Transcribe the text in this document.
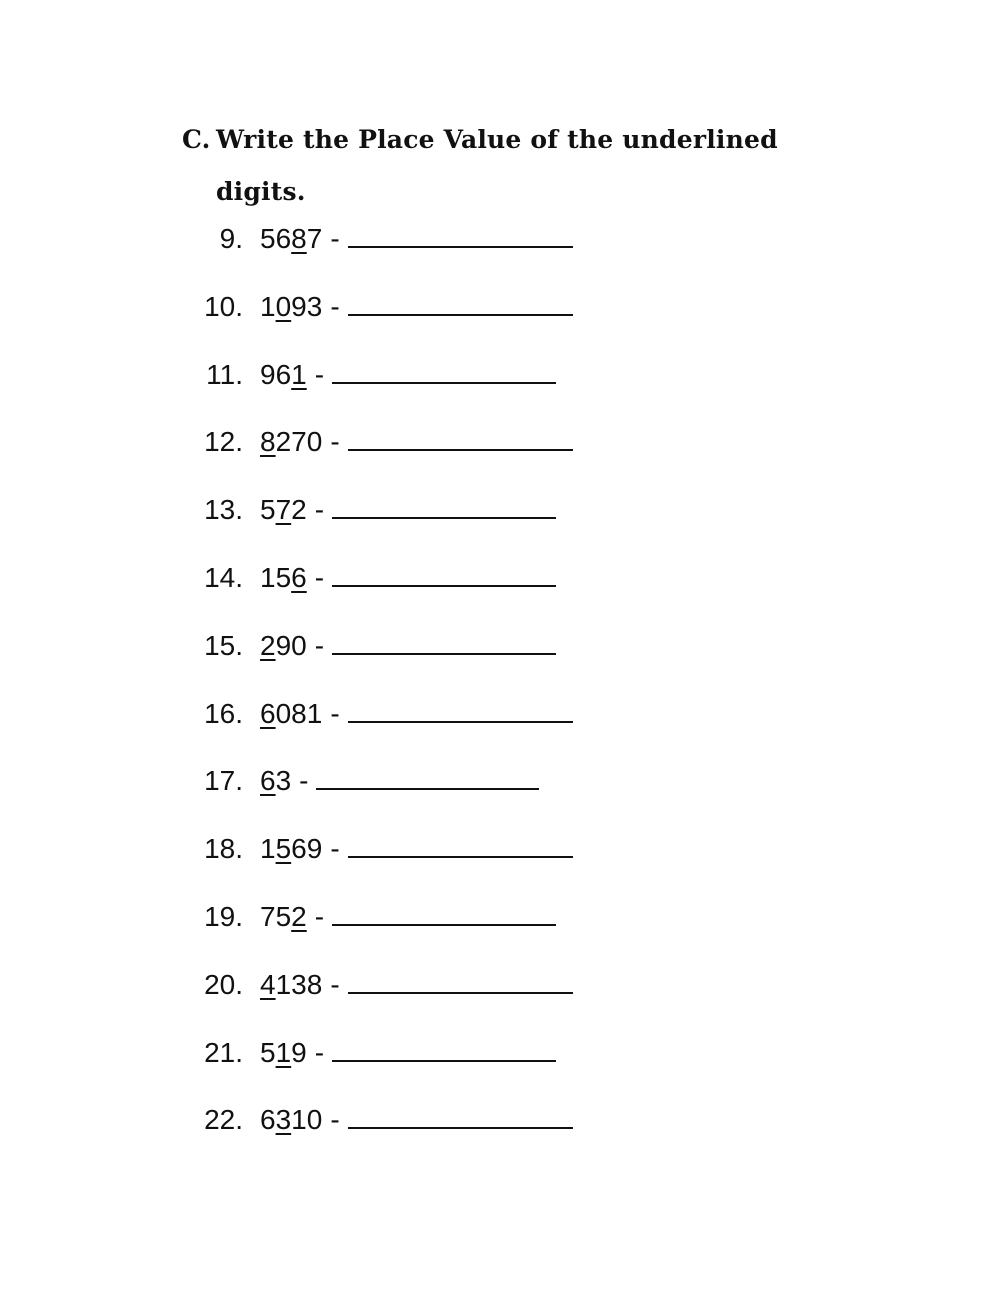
C. Write the Place Value of the underlined
digits.
9. 5687 -
10. 1093 -
11. 961 -
12. 8270 -
13. 572 -
14. 156 -
15. 290 -
16. 6081 -
17. 63 -
18. 1569 -
19. 752 -
20. 4138 -
21. 519 -
22. 6310 -
